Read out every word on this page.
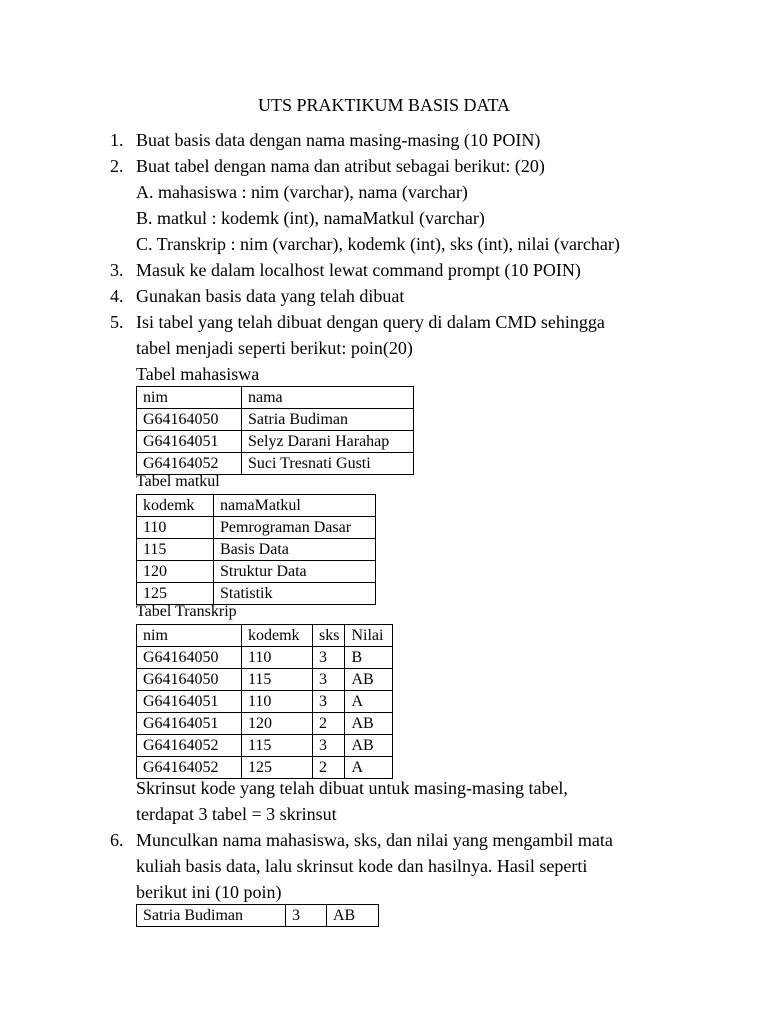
UTS PRAKTIKUM BASIS DATA
1. Buat basis data dengan nama masing-masing (10 POIN)
2. Buat tabel dengan nama dan atribut sebagai berikut: (20)
A. mahasiswa : nim (varchar), nama (varchar)
B. matkul : kodemk (int), namaMatkul (varchar)
C. Transkrip : nim (varchar), kodemk (int), sks (int), nilai (varchar)
3. Masuk ke dalam localhost lewat command prompt (10 POIN)
4. Gunakan basis data yang telah dibuat
5. Isi tabel yang telah dibuat dengan query di dalam CMD sehingga
tabel menjadi seperti berikut: poin(20)
Tabel mahasiswa
nim	nama
G64164050	Satria Budiman
G64164051	Selyz Darani Harahap
G64164052	Suci Tresnati Gusti
Tabel matkul
kodemk	namaMatkul
110	Pemrograman Dasar
115	Basis Data
120	Struktur Data
125	Statistik
Tabel Transkrip
nim	kodemk	sks	Nilai
G64164050	110	3	B
G64164050	115	3	AB
G64164051	110	3	A
G64164051	120	2	AB
G64164052	115	3	AB
G64164052	125	2	A
Skrinsut kode yang telah dibuat untuk masing-masing tabel,
terdapat 3 tabel = 3 skrinsut
6. Munculkan nama mahasiswa, sks, dan nilai yang mengambil mata
kuliah basis data, lalu skrinsut kode dan hasilnya. Hasil seperti
berikut ini (10 poin)
Satria Budiman	3	AB
